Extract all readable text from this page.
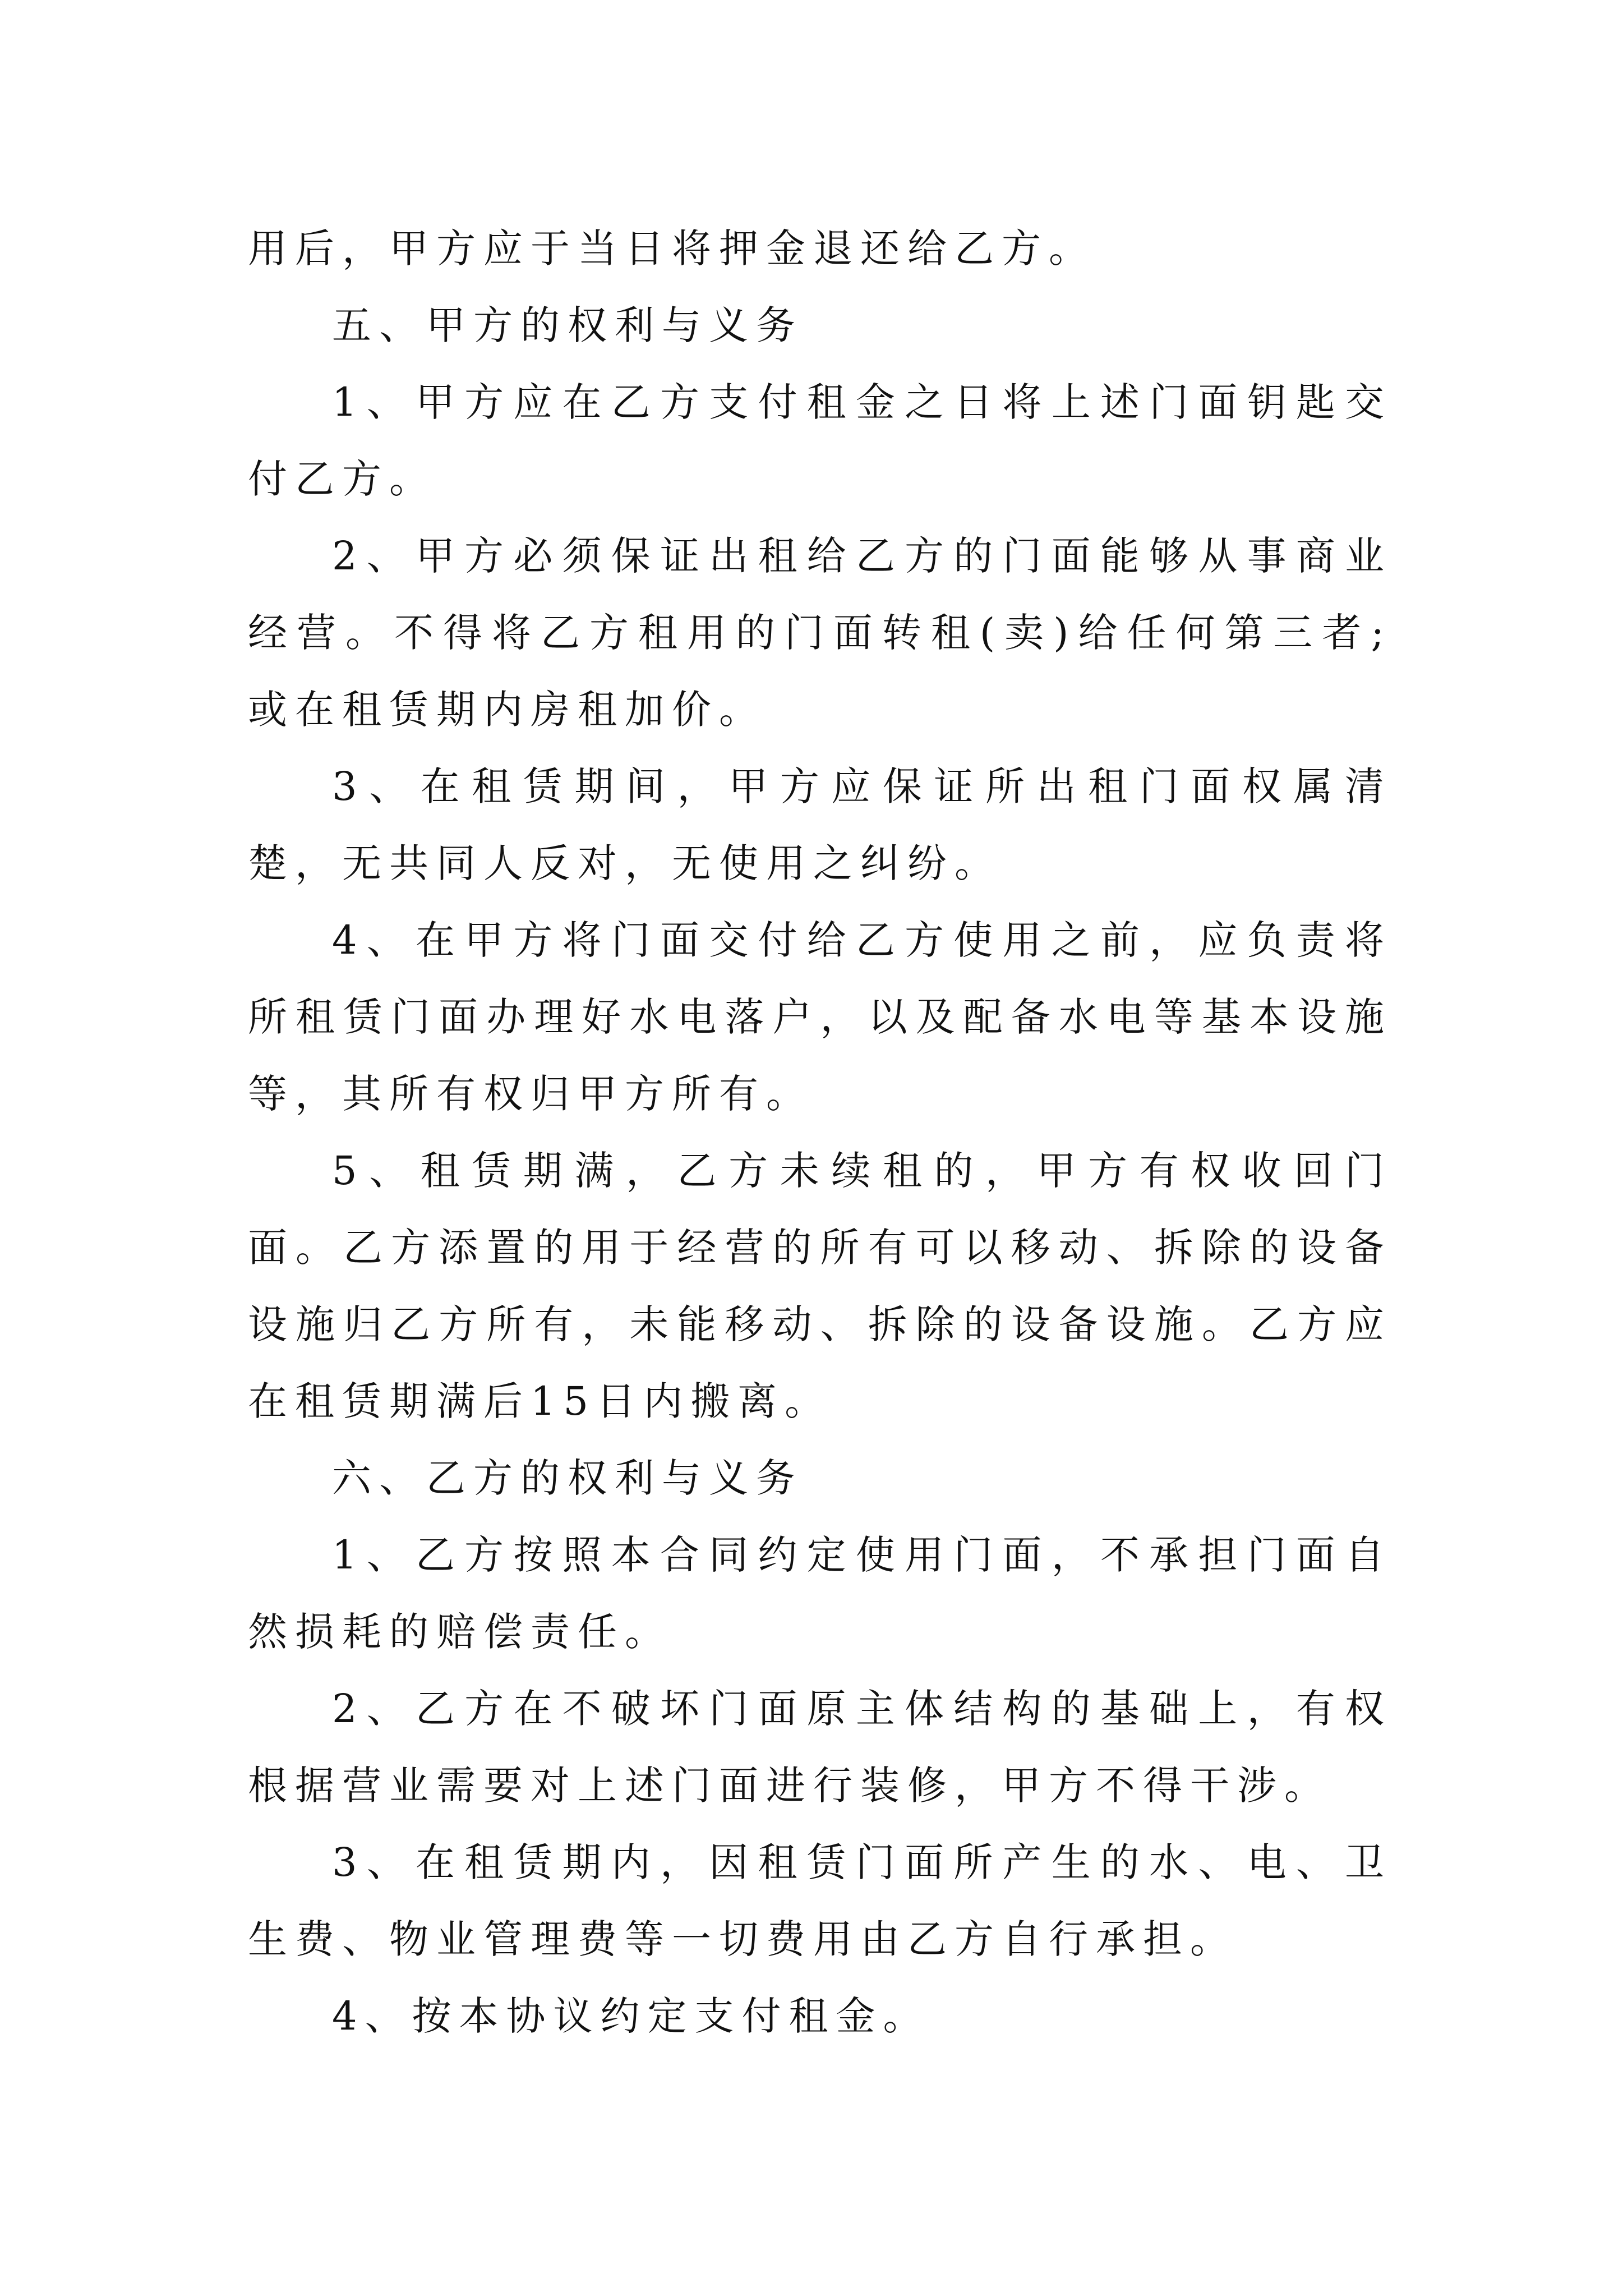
用后，甲方应于当日将押金退还给乙方。

五、甲方的权利与义务

1、甲方应在乙方支付租金之日将上述门面钥匙交付乙方。

2、甲方必须保证出租给乙方的门面能够从事商业经营。不得将乙方租用的门面转租(卖)给任何第三者;或在租赁期内房租加价。

3、在租赁期间，甲方应保证所出租门面权属清楚，无共同人反对，无使用之纠纷。

4、在甲方将门面交付给乙方使用之前，应负责将所租赁门面办理好水电落户，以及配备水电等基本设施等，其所有权归甲方所有。

5、租赁期满，乙方未续租的，甲方有权收回门面。乙方添置的用于经营的所有可以移动、拆除的设备设施归乙方所有，未能移动、拆除的设备设施。乙方应在租赁期满后15日内搬离。

六、乙方的权利与义务

1、乙方按照本合同约定使用门面，不承担门面自然损耗的赔偿责任。

2、乙方在不破坏门面原主体结构的基础上，有权根据营业需要对上述门面进行装修，甲方不得干涉。

3、在租赁期内，因租赁门面所产生的水、电、卫生费、物业管理费等一切费用由乙方自行承担。

4、按本协议约定支付租金。
